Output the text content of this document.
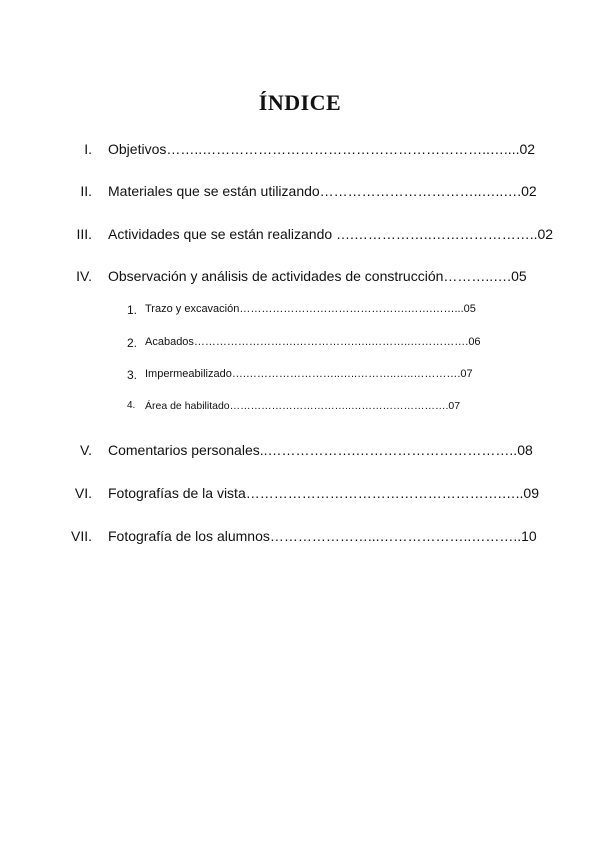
ÍNDICE
I. Objetivos……..……………………………………………………..…....02
II. Materiales que se están utilizando……………………………..…..….02
III. Actividades que se están realizando ….……………..…………………..02
IV. Observación y análisis de actividades de construcción………..….05
1. Trazo y excavación……………………………………….…….……...05
2. Acabados……………………….…………….…..………..…………….06
3. Impermeabilizado….……………………..…..………..…..………….07
4. Área de habilitado……………………………..……………………….07
V. Comentarios personales..……………….……………………………..08
VI. Fotografías de la vista……………………………………………….…..09
VII. Fotografía de los alumnos…………………...………………..………..10
